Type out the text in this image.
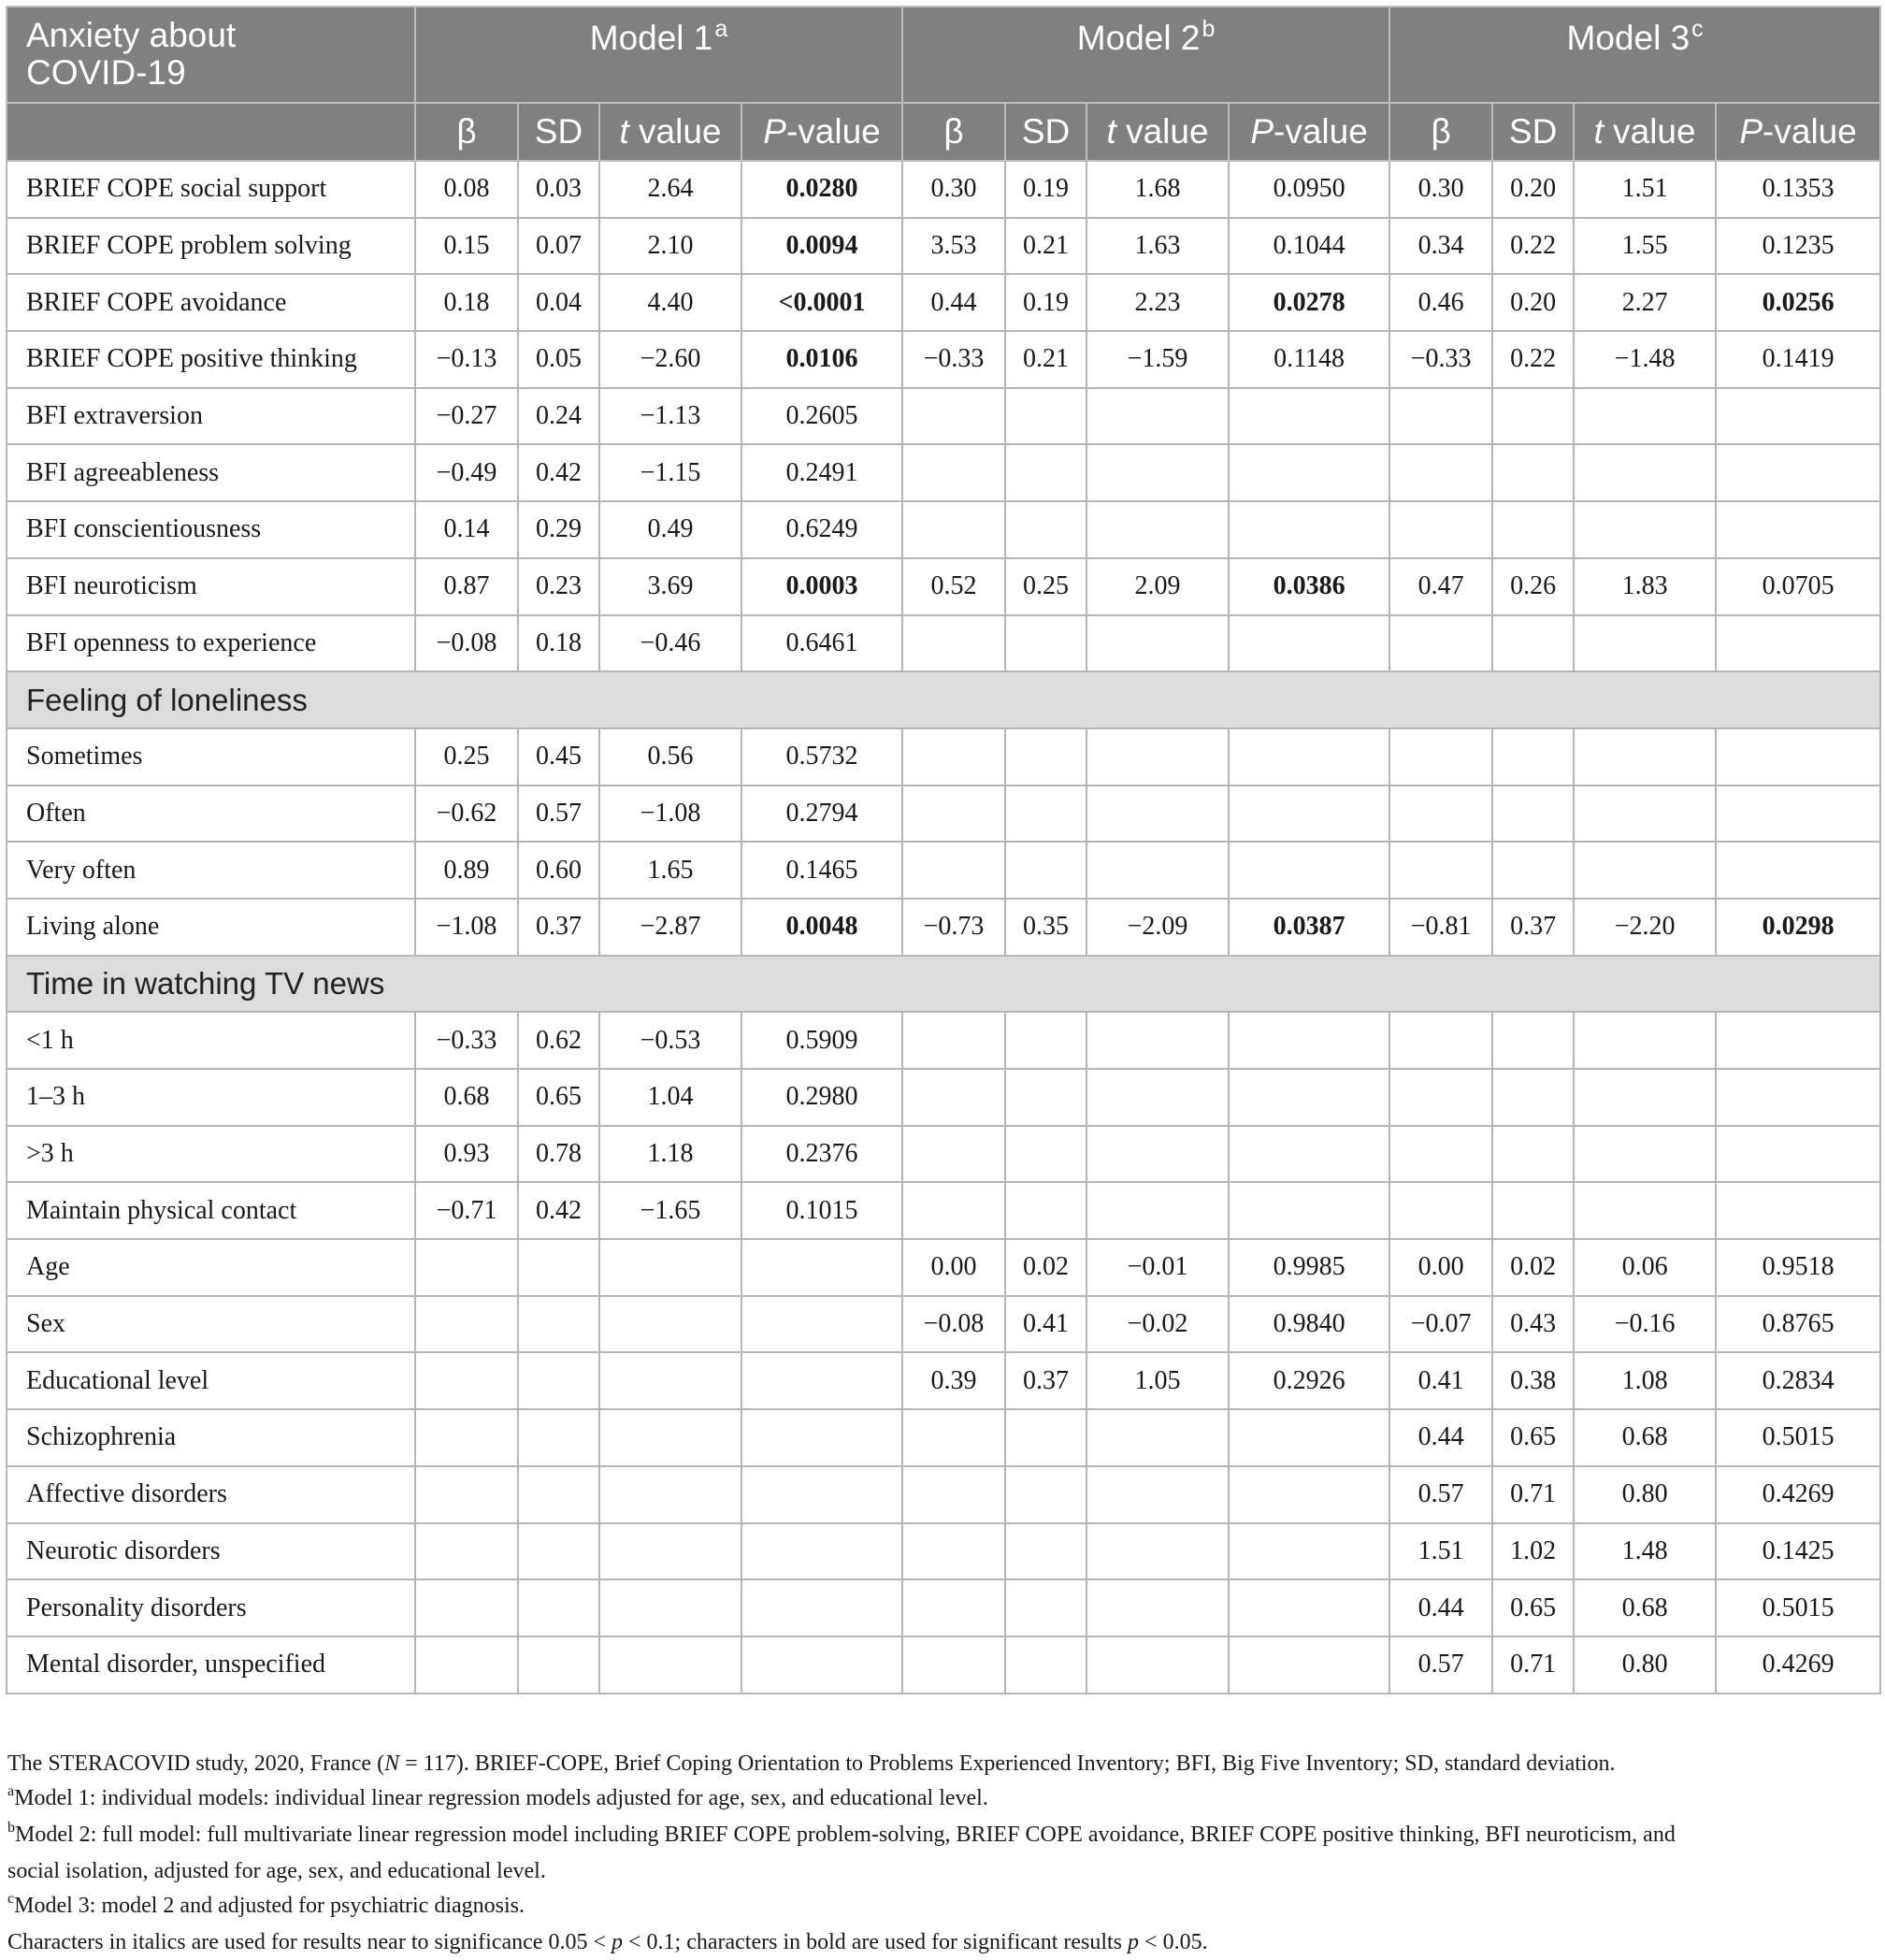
Anxiety about
COVID-19	Model 1$^a$				Model 2$^b$				Model 3$^c$
	β	SD	t value	P-value	β	SD	t value	P-value	β	SD	t value	P-value
BRIEF COPE social support	0.08	0.03	2.64	0.0280	0.30	0.19	1.68	0.0950	0.30	0.20	1.51	0.1353
BRIEF COPE problem solving	0.15	0.07	2.10	0.0094	3.53	0.21	1.63	0.1044	0.34	0.22	1.55	0.1235
BRIEF COPE avoidance	0.18	0.04	4.40	<0.0001	0.44	0.19	2.23	0.0278	0.46	0.20	2.27	0.0256
BRIEF COPE positive thinking	−0.13	0.05	−2.60	0.0106	−0.33	0.21	−1.59	0.1148	−0.33	0.22	−1.48	0.1419
BFI extraversion	−0.27	0.24	−1.13	0.2605								
BFI agreeableness	−0.49	0.42	−1.15	0.2491								
BFI conscientiousness	0.14	0.29	0.49	0.6249								
BFI neuroticism	0.87	0.23	3.69	0.0003	0.52	0.25	2.09	0.0386	0.47	0.26	1.83	0.0705
BFI openness to experience	−0.08	0.18	−0.46	0.6461								
Feeling of loneliness												
Sometimes	0.25	0.45	0.56	0.5732								
Often	−0.62	0.57	−1.08	0.2794								
Very often	0.89	0.60	1.65	0.1465								
Living alone	−1.08	0.37	−2.87	0.0048	−0.73	0.35	−2.09	0.0387	−0.81	0.37	−2.20	0.0298
Time in watching TV news												
<1 h	−0.33	0.62	−0.53	0.5909								
1–3 h	0.68	0.65	1.04	0.2980								
>3 h	0.93	0.78	1.18	0.2376								
Maintain physical contact	−0.71	0.42	−1.65	0.1015								
Age					0.00	0.02	−0.01	0.9985	0.00	0.02	0.06	0.9518
Sex					−0.08	0.41	−0.02	0.9840	−0.07	0.43	−0.16	0.8765
Educational level					0.39	0.37	1.05	0.2926	0.41	0.38	1.08	0.2834
Schizophrenia									0.44	0.65	0.68	0.5015
Affective disorders									0.57	0.71	0.80	0.4269
Neurotic disorders									1.51	1.02	1.48	0.1425
Personality disorders									0.44	0.65	0.68	0.5015
Mental disorder, unspecified									0.57	0.71	0.80	0.4269

The STERACOVID study, 2020, France (N = 117). BRIEF-COPE, Brief Coping Orientation to Problems Experienced Inventory; BFI, Big Five Inventory; SD, standard deviation.

$^a$Model 1: individual models: individual linear regression models adjusted for age, sex, and educational level.

$^b$Model 2: full model: full multivariate linear regression model including BRIEF COPE problem-solving, BRIEF COPE avoidance, BRIEF COPE positive thinking, BFI neuroticism, and

social isolation, adjusted for age, sex, and educational level.

$^c$Model 3: model 2 and adjusted for psychiatric diagnosis.

Characters in italics are used for results near to significance 0.05 < p < 0.1; characters in bold are used for significant results p < 0.05.
